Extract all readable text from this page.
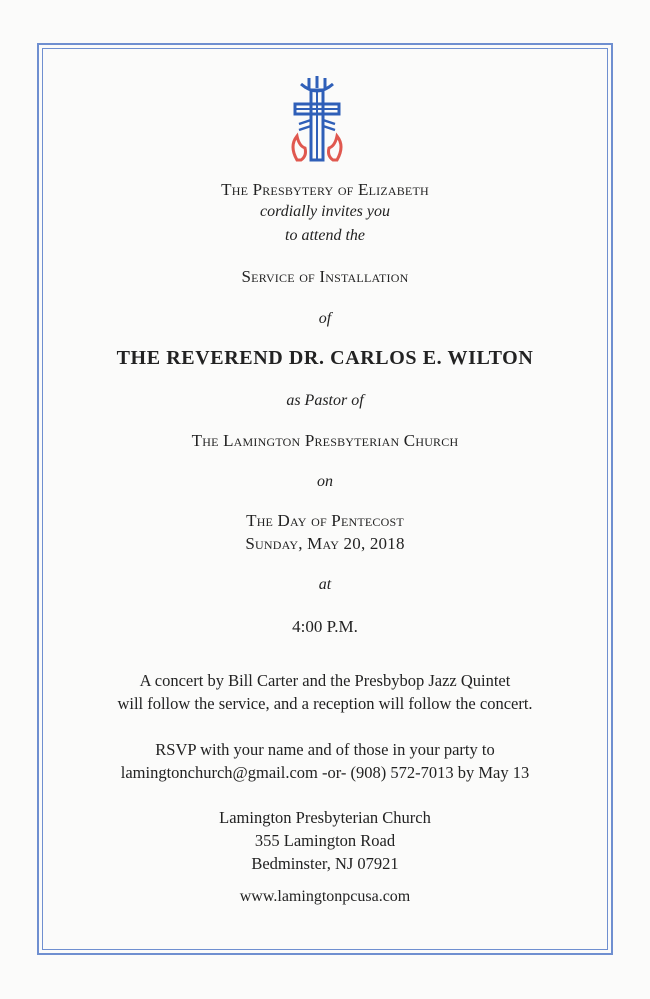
The Presbytery of Elizabeth
cordially invites you
to attend the
Service of Installation
of
THE REVEREND DR. CARLOS E. WILTON
as Pastor of
The Lamington Presbyterian Church
on
The Day of Pentecost
Sunday, May 20, 2018
at
4:00 P.M.
A concert by Bill Carter and the Presbybop Jazz Quintet
will follow the service, and a reception will follow the concert.
RSVP with your name and of those in your party to
lamingtonchurch@gmail.com -or- (908) 572-7013 by May 13
Lamington Presbyterian Church
355 Lamington Road
Bedminster, NJ 07921
www.lamingtonpcusa.com
